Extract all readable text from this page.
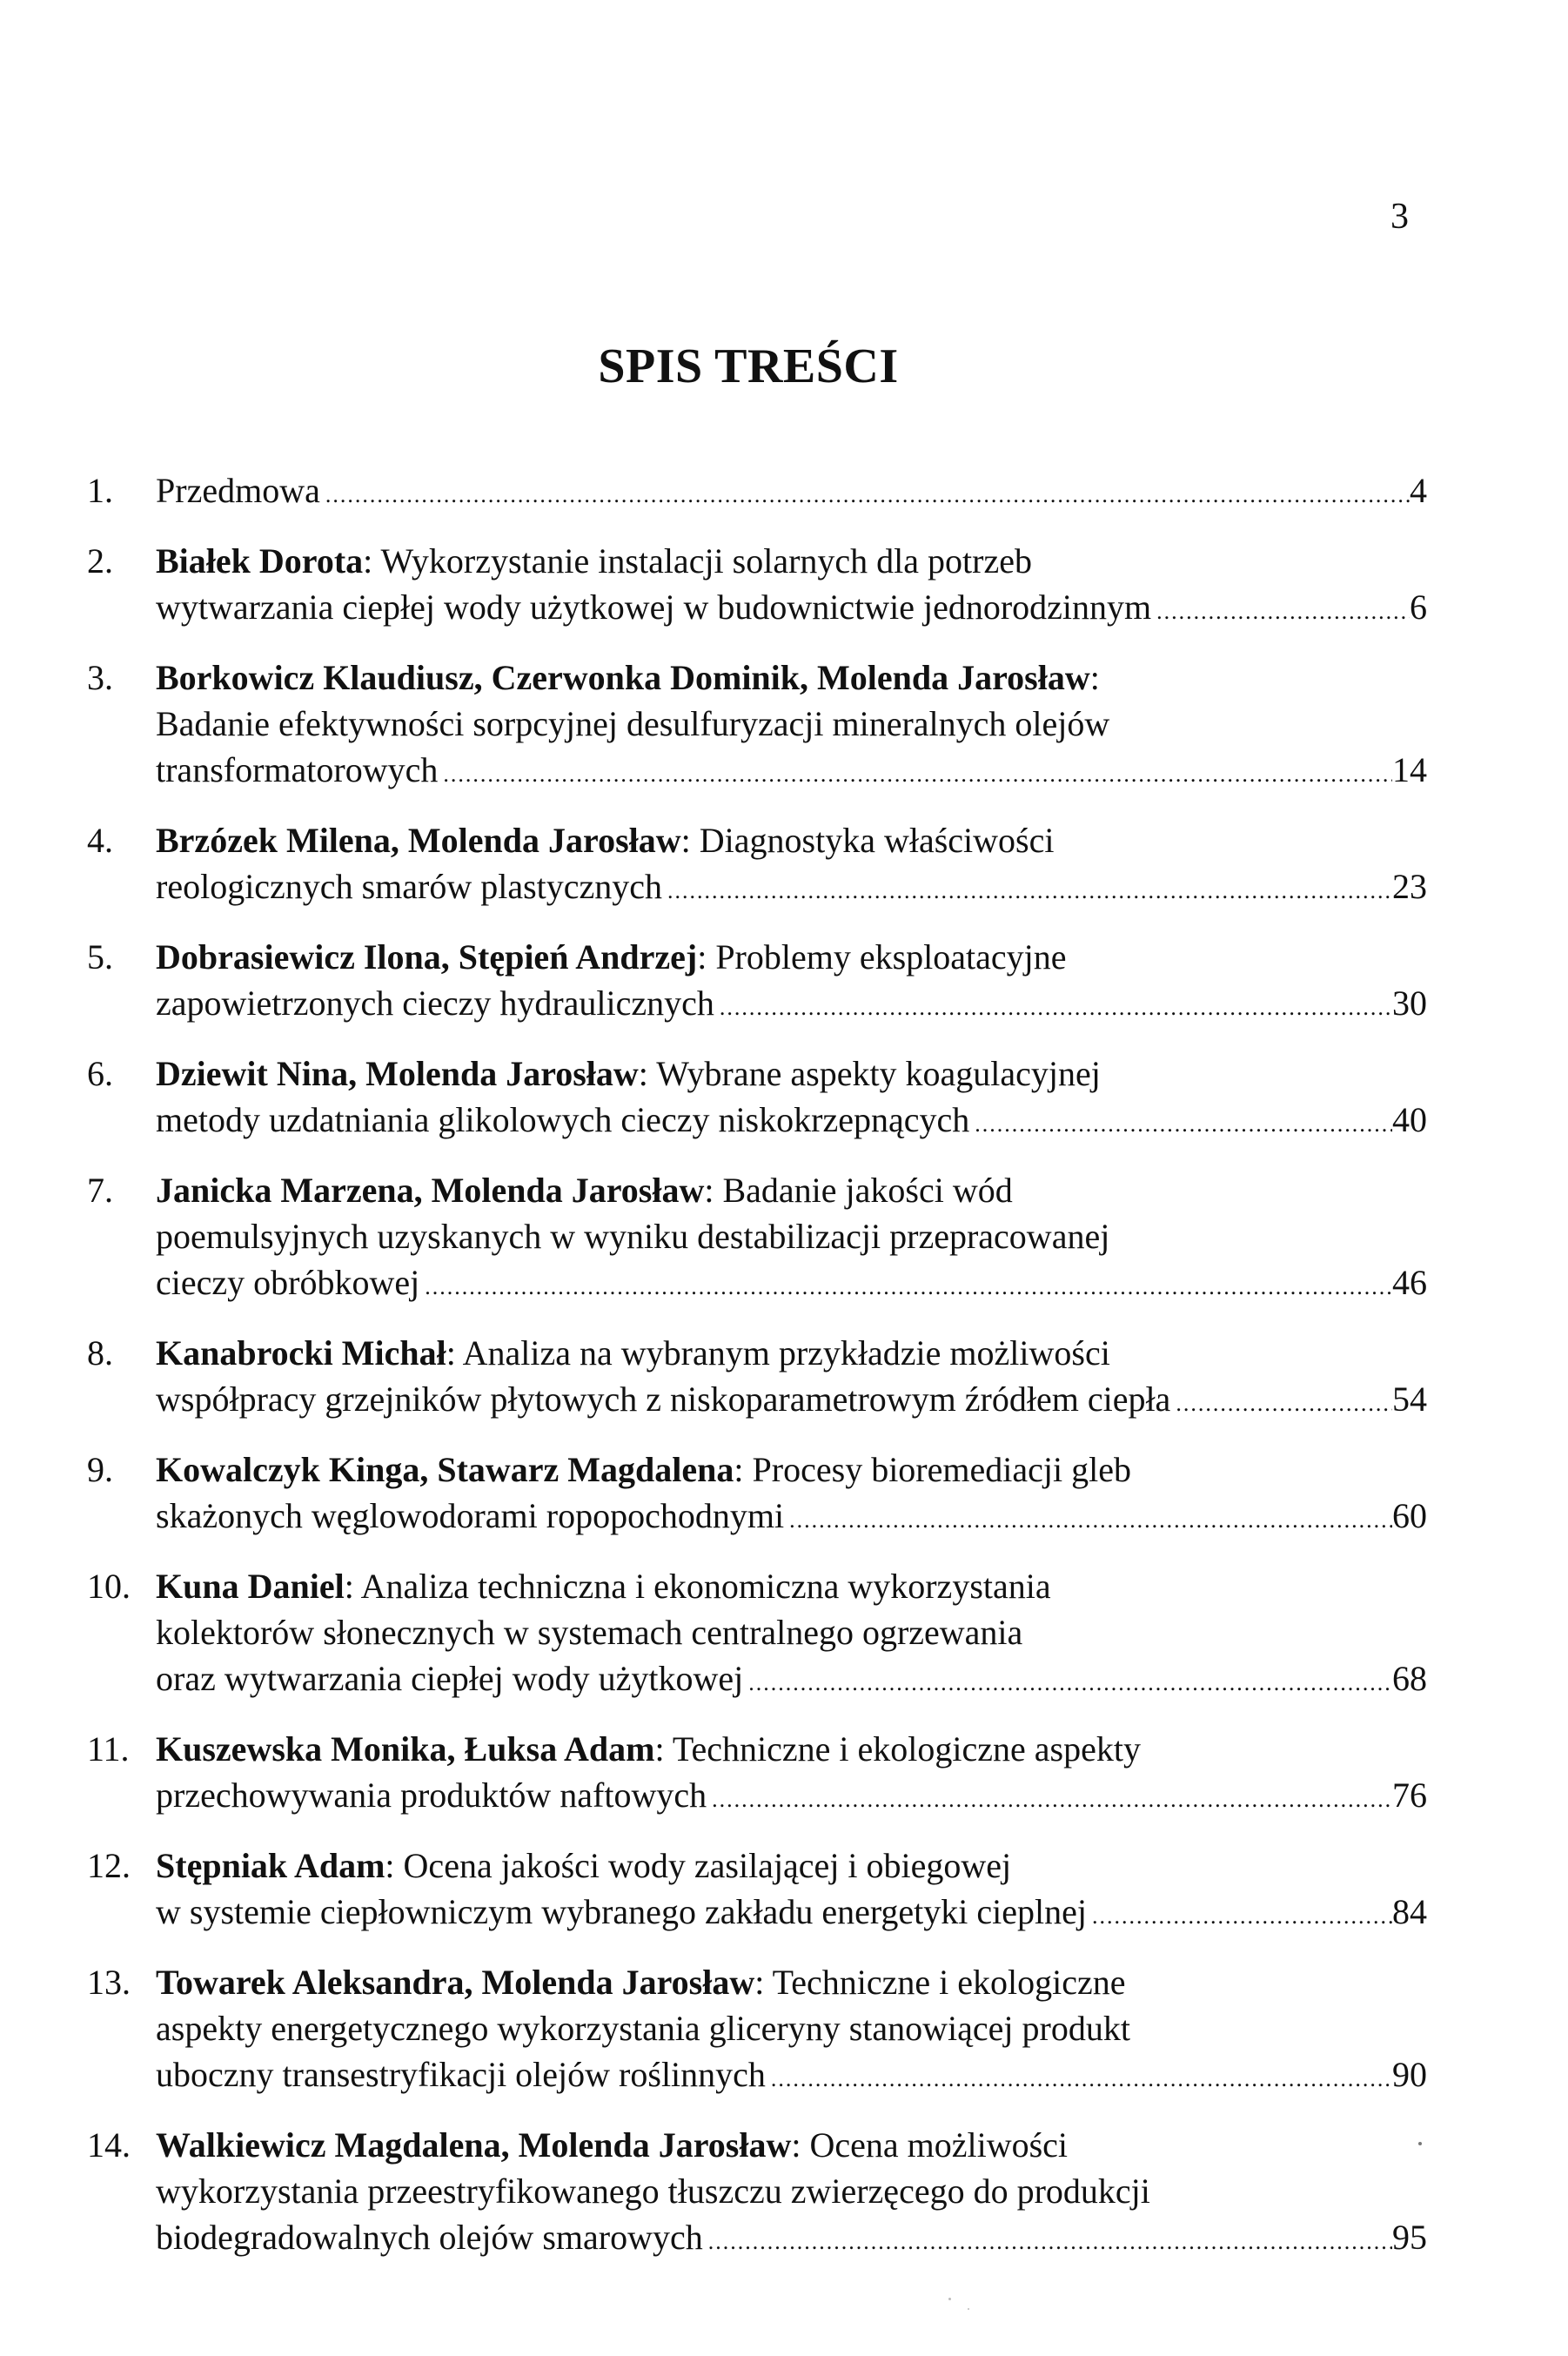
3
SPIS TREŚCI
1. Przedmowa .....	4
2. Białek Dorota: Wykorzystanie instalacji solarnych dla potrzeb
wytwarzania ciepłej wody użytkowej w budownictwie jednorodzinnym .....	6
3. Borkowicz Klaudiusz, Czerwonka Dominik, Molenda Jarosław:
Badanie efektywności sorpcyjnej desulfuryzacji mineralnych olejów
transformatorowych .....	14
4. Brzózek Milena, Molenda Jarosław: Diagnostyka właściwości
reologicznych smarów plastycznych .....	23
5. Dobrasiewicz Ilona, Stępień Andrzej: Problemy eksploatacyjne
zapowietrzonych cieczy hydraulicznych .....	30
6. Dziewit Nina, Molenda Jarosław: Wybrane aspekty koagulacyjnej
metody uzdatniania glikolowych cieczy niskokrzepnących .....	40
7. Janicka Marzena, Molenda Jarosław: Badanie jakości wód
poemulsyjnych uzyskanych w wyniku destabilizacji przepracowanej
cieczy obróbkowej .....	46
8. Kanabrocki Michał: Analiza na wybranym przykładzie możliwości
współpracy grzejników płytowych z niskoparametrowym źródłem ciepła .....	54
9. Kowalczyk Kinga, Stawarz Magdalena: Procesy bioremediacji gleb
skażonych węglowodorami ropopochodnymi .....	60
10. Kuna Daniel: Analiza techniczna i ekonomiczna wykorzystania
kolektorów słonecznych w systemach centralnego ogrzewania
oraz wytwarzania ciepłej wody użytkowej .....	68
11. Kuszewska Monika, Łuksa Adam: Techniczne i ekologiczne aspekty
przechowywania produktów naftowych .....	76
12. Stępniak Adam: Ocena jakości wody zasilającej i obiegowej
w systemie ciepłowniczym wybranego zakładu energetyki cieplnej .....	84
13. Towarek Aleksandra, Molenda Jarosław: Techniczne i ekologiczne
aspekty energetycznego wykorzystania gliceryny stanowiącej produkt
uboczny transestryfikacji olejów roślinnych .....	90
14. Walkiewicz Magdalena, Molenda Jarosław: Ocena możliwości
wykorzystania przeestryfikowanego tłuszczu zwierzęcego do produkcji
biodegradowalnych olejów smarowych .....	95
